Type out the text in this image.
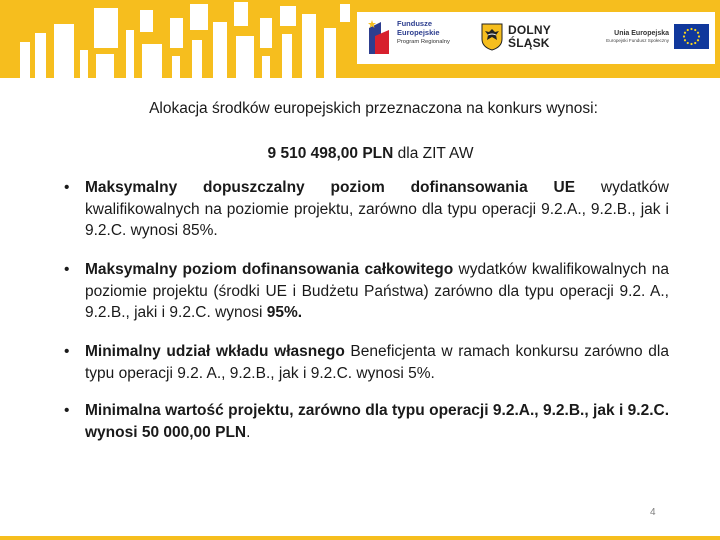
Fundusze
Europejskie
Program Regionalny
DOLNY
ŚLĄSK
Unia Europejska
Europejski Fundusz Społeczny
Alokacja środków europejskich przeznaczona na konkurs wynosi:
9 510 498,00 PLN dla ZIT AW
• Maksymalny dopuszczalny poziom dofinansowania UE wydatków kwalifikowalnych na poziomie projektu, zarówno dla typu operacji 9.2.A., 9.2.B., jak i 9.2.C. wynosi 85%.
• Maksymalny poziom dofinansowania całkowitego wydatków kwalifikowalnych na poziomie projektu (środki UE i Budżetu Państwa) zarówno dla typu operacji 9.2. A., 9.2.B., jaki i 9.2.C. wynosi 95%.
• Minimalny udział wkładu własnego Beneficjenta w ramach konkursu zarówno dla typu operacji 9.2. A., 9.2.B., jak i 9.2.C. wynosi 5%.
• Minimalna wartość projektu, zarówno dla typu operacji 9.2.A., 9.2.B., jak i 9.2.C. wynosi 50 000,00 PLN.
4
